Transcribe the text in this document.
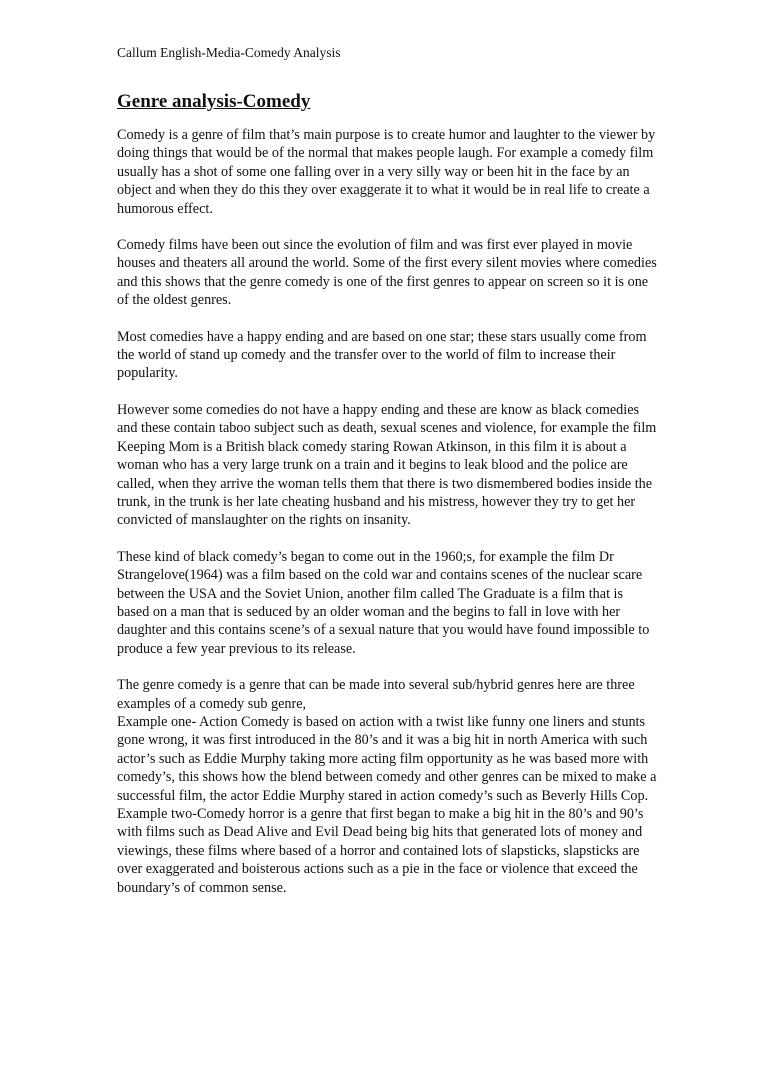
Callum English-Media-Comedy Analysis
Genre analysis-Comedy

Comedy is a genre of film that’s main purpose is to create humor and laughter to the viewer by doing things that would be of the normal that makes people laugh. For example a comedy film usually has a shot of some one falling over in a very silly way or been hit in the face by an object and when they do this they over exaggerate it to what it would be in real life to create a humorous effect.

Comedy films have been out since the evolution of film and was first ever played in movie houses and theaters all around the world. Some of the first every silent movies where comedies and this shows that the genre comedy is one of the first genres to appear on screen so it is one of the oldest genres.

Most comedies have a happy ending and are based on one star; these stars usually come from the world of stand up comedy and the transfer over to the world of film to increase their popularity.

However some comedies do not have a happy ending and these are know as black comedies and these contain taboo subject such as death, sexual scenes and violence, for example the film Keeping Mom is a British black comedy staring Rowan Atkinson, in this film it is about a woman who has a very large trunk on a train and it begins to leak blood and the police are called, when they arrive the woman tells them that there is two dismembered bodies inside the trunk, in the trunk is her late cheating husband and his mistress, however they try to get her convicted of manslaughter on the rights on insanity.

These kind of black comedy’s began to come out in the 1960;s, for example the film Dr Strangelove(1964) was a film based on the cold war and contains scenes of the nuclear scare between the USA and the Soviet Union, another film called The Graduate is a film that is based on a man that is seduced by an older woman and the begins to fall in love with her daughter and this contains scene’s of a sexual nature that you would have found impossible to produce a few year previous to its release.

The genre comedy is a genre that can be made into several sub/hybrid genres here are three examples of a comedy sub genre,

Example one- Action Comedy is based on action with a twist like funny one liners and stunts gone wrong, it was first introduced in the 80’s and it was a big hit in north America with such actor’s such as Eddie Murphy taking more acting film opportunity as he was based more with comedy’s, this shows how the blend between comedy and other genres can be mixed to make a successful film, the actor Eddie Murphy stared in action comedy’s such as Beverly Hills Cop.

Example two-Comedy horror is a genre that first began to make a big hit in the 80’s and 90’s with films such as Dead Alive and Evil Dead being big hits that generated lots of money and viewings, these films where based of a horror and contained lots of slapsticks, slapsticks are over exaggerated and boisterous actions such as a pie in the face or violence that exceed the boundary’s of common sense.
